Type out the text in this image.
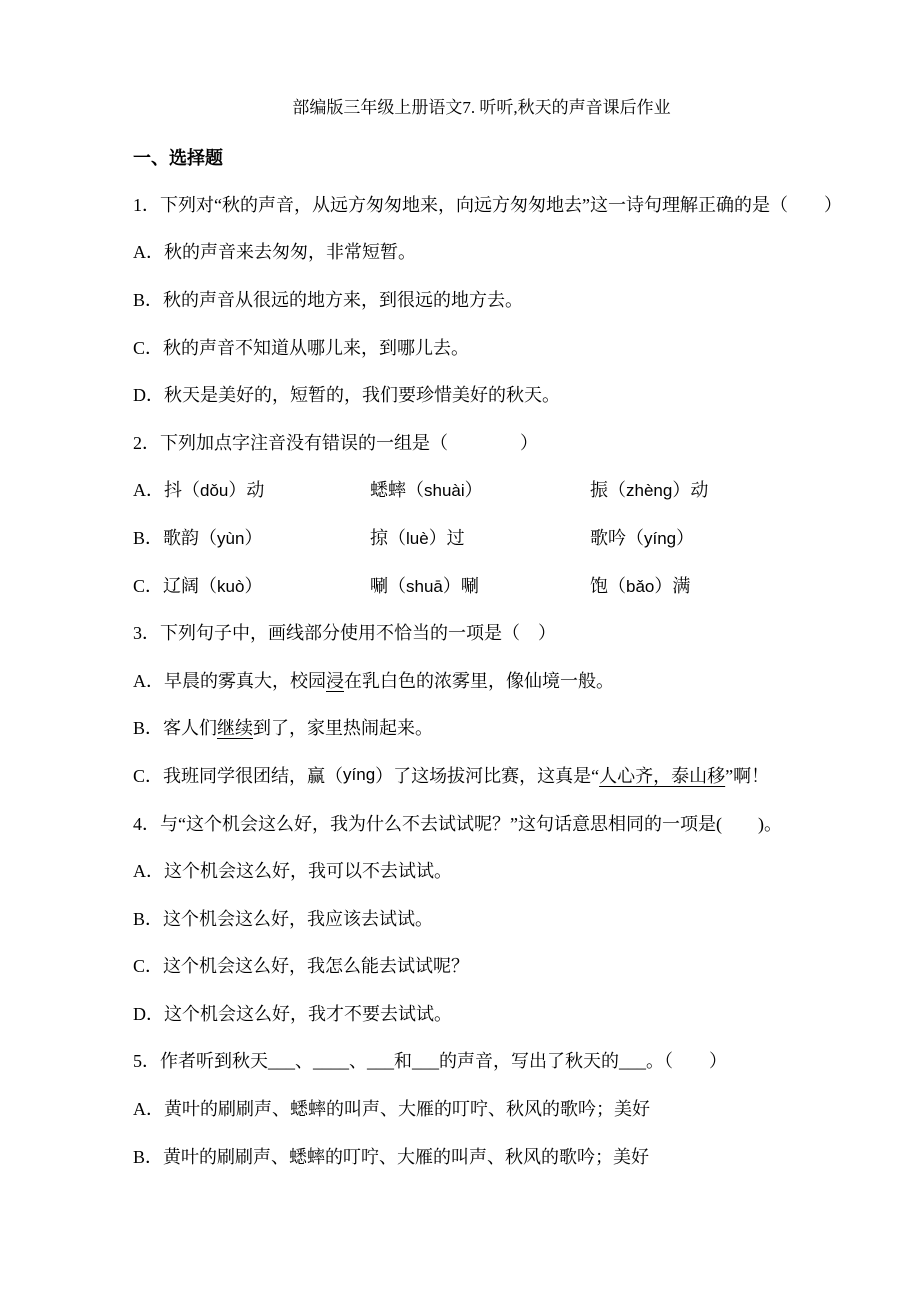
部编版三年级上册语文7. 听听,秋天的声音课后作业
一、选择题
1．下列对“秋的声音，从远方匆匆地来，向远方匆匆地去”这一诗句理解正确的是（　　）
A．秋的声音来去匆匆，非常短暂。
B．秋的声音从很远的地方来，到很远的地方去。
C．秋的声音不知道从哪儿来，到哪儿去。
D．秋天是美好的，短暂的，我们要珍惜美好的秋天。
2．下列加点字注音没有错误的一组是（　　　　）
A．抖（dǒu）动	蟋蟀（shuài）	振（zhèng）动
B．歌韵（yùn）	掠（luè）过	歌吟（yíng）
C．辽阔（kuò）	唰（shuā）唰	饱（bǎo）满
3．下列句子中，画线部分使用不恰当的一项是（　）
A．早晨的雾真大，校园 浸 在乳白色的浓雾里，像仙境一般。
B．客人们 继续 到了，家里热闹起来。
C．我班同学很团结，赢（ yíng ）了这场拔河比赛，这真是“ 人心齐，泰山移 ”啊！
4．与“这个机会这么好，我为什么不去试试呢？”这句话意思相同的一项是(　　)。
A．这个机会这么好，我可以不去试试。
B．这个机会这么好，我应该去试试。
C．这个机会这么好，我怎么能去试试呢？
D．这个机会这么好，我才不要去试试。
5．作者听到秋天___、____、___和___的声音，写出了秋天的___。（　　）
A．黄叶的刷刷声、蟋蟀的叫声、大雁的叮咛、秋风的歌吟；美好
B．黄叶的刷刷声、蟋蟀的叮咛、大雁的叫声、秋风的歌吟；美好
